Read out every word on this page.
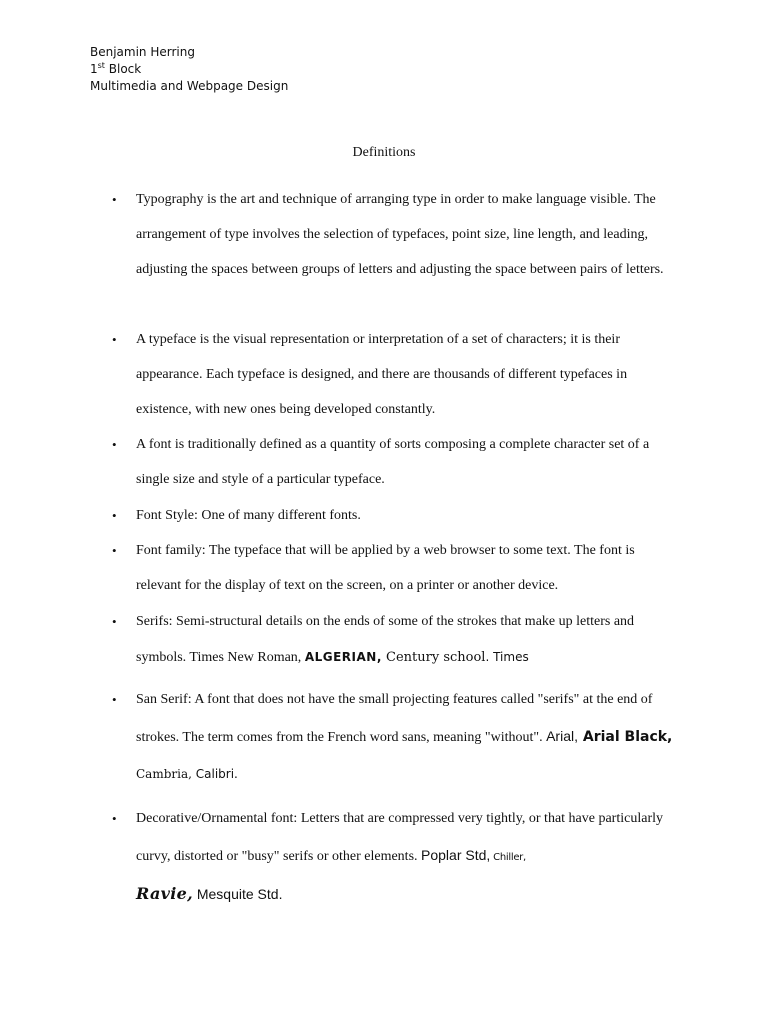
Benjamin Herring
1st Block
Multimedia and Webpage Design
Definitions

• Typography is the art and technique of arranging type in order to make language visible. The arrangement of type involves the selection of typefaces, point size, line length, and leading, adjusting the spaces between groups of letters and adjusting the space between pairs of letters.

• A typeface is the visual representation or interpretation of a set of characters; it is their appearance. Each typeface is designed, and there are thousands of different typefaces in existence, with new ones being developed constantly.

• A font is traditionally defined as a quantity of sorts composing a complete character set of a single size and style of a particular typeface.

• Font Style: One of many different fonts.

• Font family: The typeface that will be applied by a web browser to some text. The font is relevant for the display of text on the screen, on a printer or another device.

• Serifs: Semi-structural details on the ends of some of the strokes that make up letters and symbols. Times New Roman, ALGERIAN, Century school. Times

• San Serif: A font that does not have the small projecting features called "serifs" at the end of strokes. The term comes from the French word sans, meaning "without". Arial, Arial Black, Cambria, Calibri.

• Decorative/Ornamental font: Letters that are compressed very tightly, or that have particularly curvy, distorted or "busy" serifs or other elements. Poplar Std, Chiller,
Ravie, Mesquite Std.
